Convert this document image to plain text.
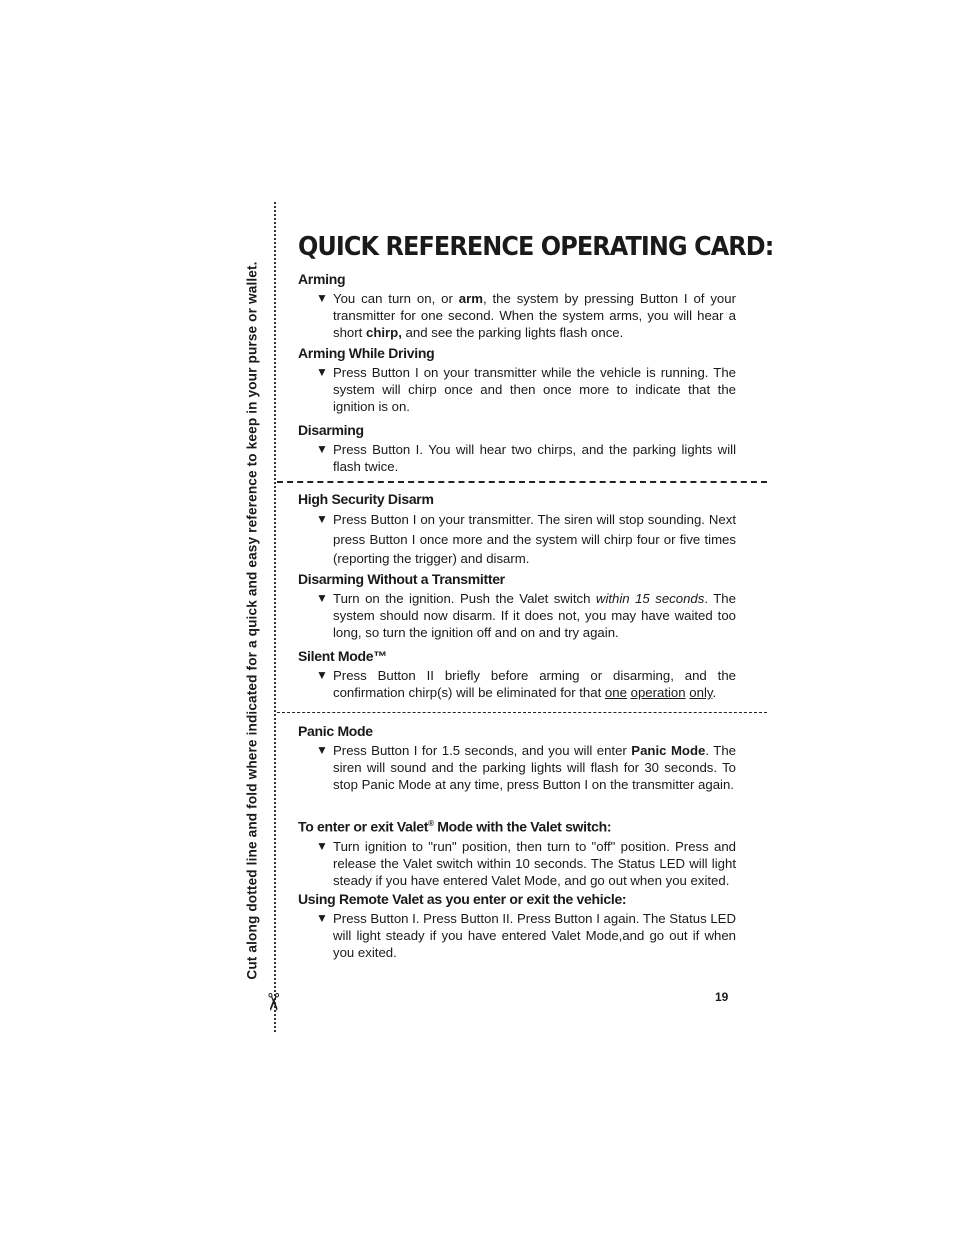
Cut along dotted line and fold where indicated for a quick and easy reference to keep in your purse or wallet.
✂
QUICK REFERENCE OPERATING CARD:
Arming
▼ You can turn on, or arm, the system by pressing Button I of your transmitter for one second. When the system arms, you will hear a short chirp, and see the parking lights flash once.
Arming While Driving
▼ Press Button I on your transmitter while the vehicle is running. The system will chirp once and then once more to indicate that the ignition is on.
Disarming
▼ Press Button I. You will hear two chirps, and the parking lights will flash twice.
High Security Disarm
▼ Press Button I on your transmitter. The siren will stop sounding. Next press Button I once more and the system will chirp four or five times (reporting the trigger) and disarm.
Disarming Without a Transmitter
▼ Turn on the ignition. Push the Valet switch within 15 seconds. The system should now disarm. If it does not, you may have waited too long, so turn the ignition off and on and try again.
Silent Mode™
▼ Press Button II briefly before arming or disarming, and the confirmation chirp(s) will be eliminated for that one operation only.
Panic Mode
▼ Press Button I for 1.5 seconds, and you will enter Panic Mode. The siren will sound and the parking lights will flash for 30 seconds. To stop Panic Mode at any time, press Button I on the transmitter again.
To enter or exit Valet® Mode with the Valet switch:
▼ Turn ignition to "run" position, then turn to "off" position. Press and release the Valet switch within 10 seconds. The Status LED will light steady if you have entered Valet Mode, and go out when you exited.
Using Remote Valet as you enter or exit the vehicle:
▼ Press Button I. Press Button II. Press Button I again. The Status LED will light steady if you have entered Valet Mode,and go out if when you exited.
19
